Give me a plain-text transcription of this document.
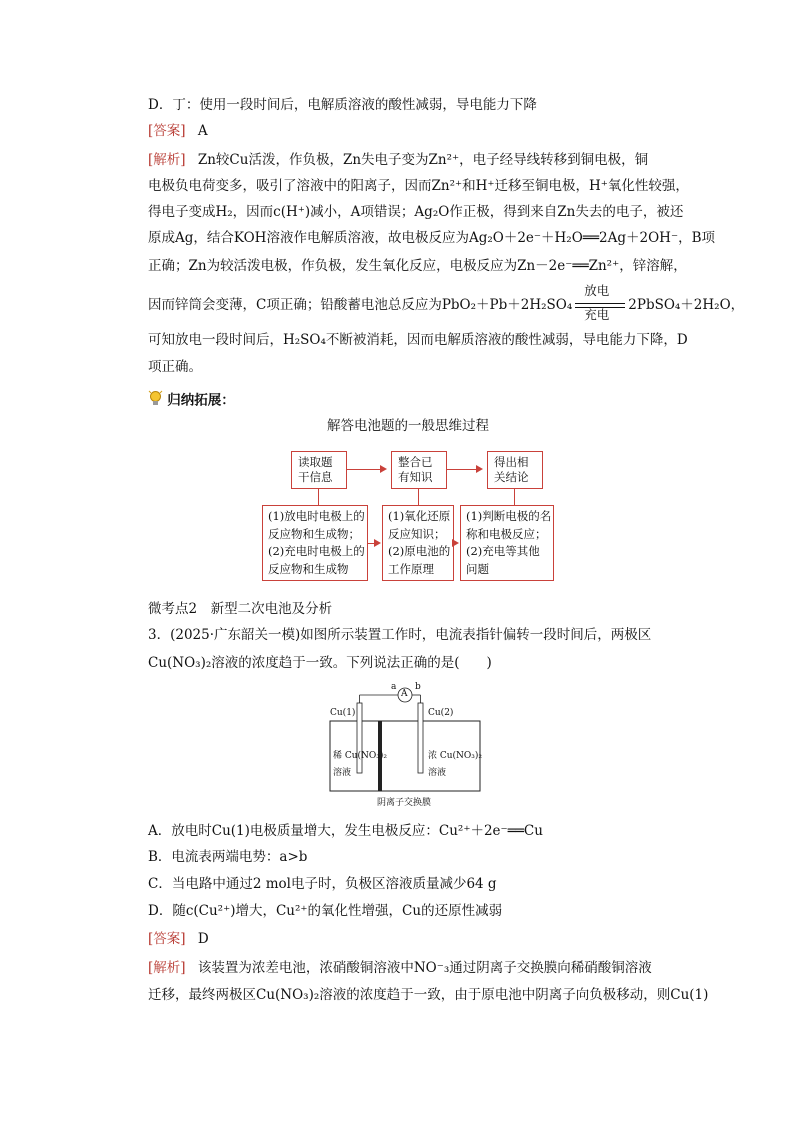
D．丁：使用一段时间后，电解质溶液的酸性减弱，导电能力下降
[答案] A
[解析] Zn较Cu活泼，作负极，Zn失电子变为Zn²⁺，电子经导线转移到铜电极，铜
电极负电荷变多，吸引了溶液中的阳离子，因而Zn²⁺和H⁺迁移至铜电极，H⁺氧化性较强，
得电子变成H₂，因而c(H⁺)减小，A项错误；Ag₂O作正极，得到来自Zn失去的电子，被还
原成Ag，结合KOH溶液作电解质溶液，故电极反应为Ag₂O＋2e⁻＋H₂O══2Ag＋2OH⁻，B项
正确；Zn为较活泼电极，作负极，发生氧化反应，电极反应为Zn－2e⁻══Zn²⁺，锌溶解，
因而锌筒会变薄，C项正确；铅酸蓄电池总反应为PbO₂＋Pb＋2H₂SO₄
放电
充电
2PbSO₄＋2H₂O，
可知放电一段时间后，H₂SO₄不断被消耗，因而电解质溶液的酸性减弱，导电能力下降，D
项正确。
归纳拓展：
解答电池题的一般思维过程
读取题
干信息
整合已
有知识
得出相
关结论
(1)放电时电极上的
反应物和生成物；
(2)充电时电极上的
反应物和生成物
(1)氧化还原
反应知识；
(2)原电池的
工作原理
(1)判断电极的名
称和电极反应；
(2)充电等其他
问题
微考点2　新型二次电池及分析
3．(2025·广东韶关一模)如图所示装置工作时，电流表指针偏转一段时间后，两极区
Cu(NO₃)₂溶液的浓度趋于一致。下列说法正确的是(　　)
A
a b
Cu(1)	Cu(2)
稀 Cu(NO₃)₂
溶液
浓 Cu(NO₃)₂
溶液
阴离子交换膜
A．放电时Cu(1)电极质量增大，发生电极反应：Cu²⁺＋2e⁻══Cu
B．电流表两端电势：a>b
C．当电路中通过2 mol电子时，负极区溶液质量减少64 g
D．随c(Cu²⁺)增大，Cu²⁺的氧化性增强，Cu的还原性减弱
[答案] D
[解析] 该装置为浓差电池，浓硝酸铜溶液中NO⁻₃通过阴离子交换膜向稀硝酸铜溶液
迁移，最终两极区Cu(NO₃)₂溶液的浓度趋于一致，由于原电池中阴离子向负极移动，则Cu(1)
